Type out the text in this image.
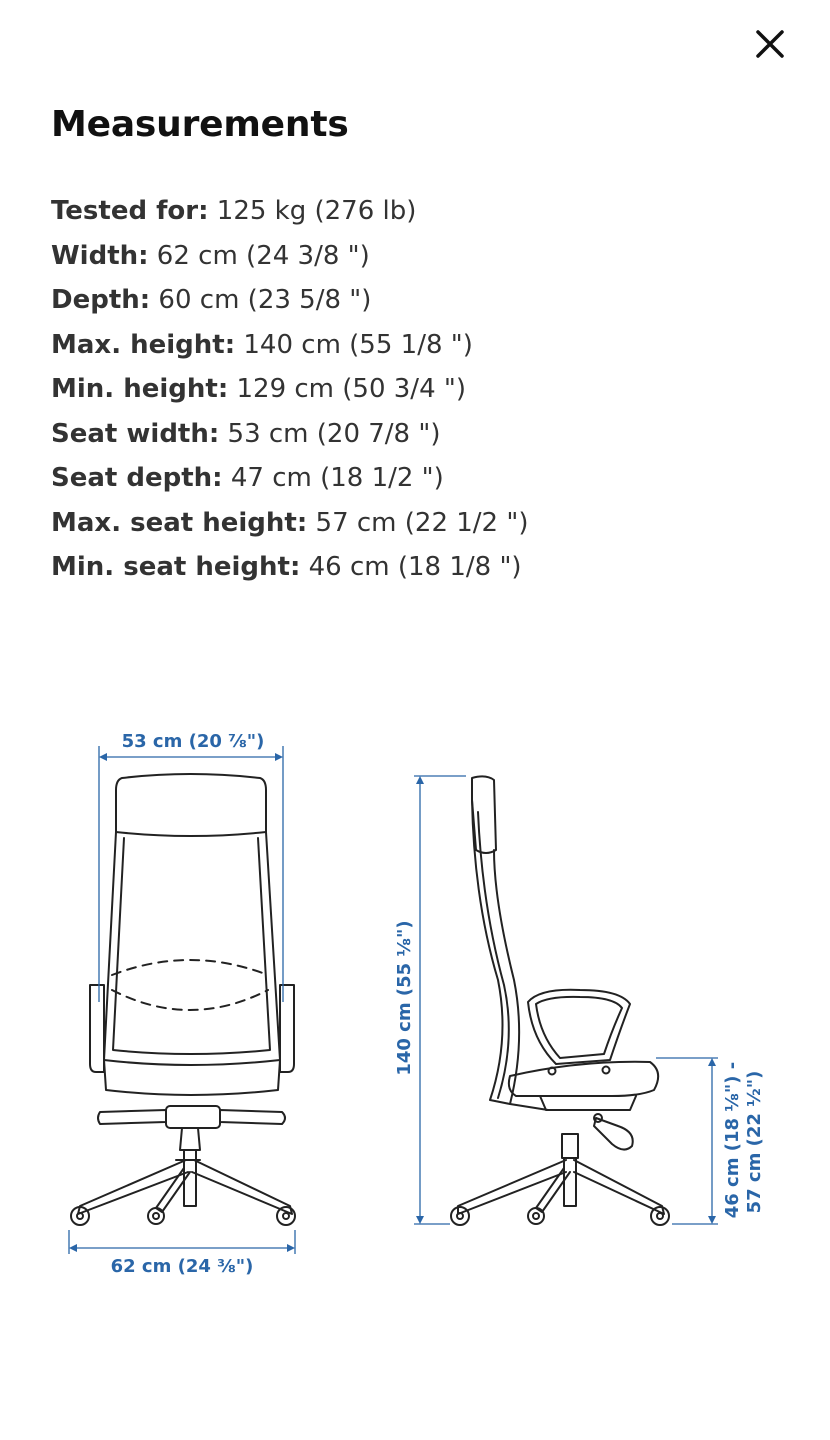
Measurements
Tested for: 125 kg (276 lb)
Width: 62 cm (24 3/8 ")
Depth: 60 cm (23 5/8 ")
Max. height: 140 cm (55 1/8 ")
Min. height: 129 cm (50 3/4 ")
Seat width: 53 cm (20 7/8 ")
Seat depth: 47 cm (18 1/2 ")
Max. seat height: 57 cm (22 1/2 ")
Min. seat height: 46 cm (18 1/8 ")
53 cm (20 ⅞")
62 cm (24 ⅜")
140 cm (55 ⅛")
46 cm (18 ⅛") - 57 cm (22 ½")
